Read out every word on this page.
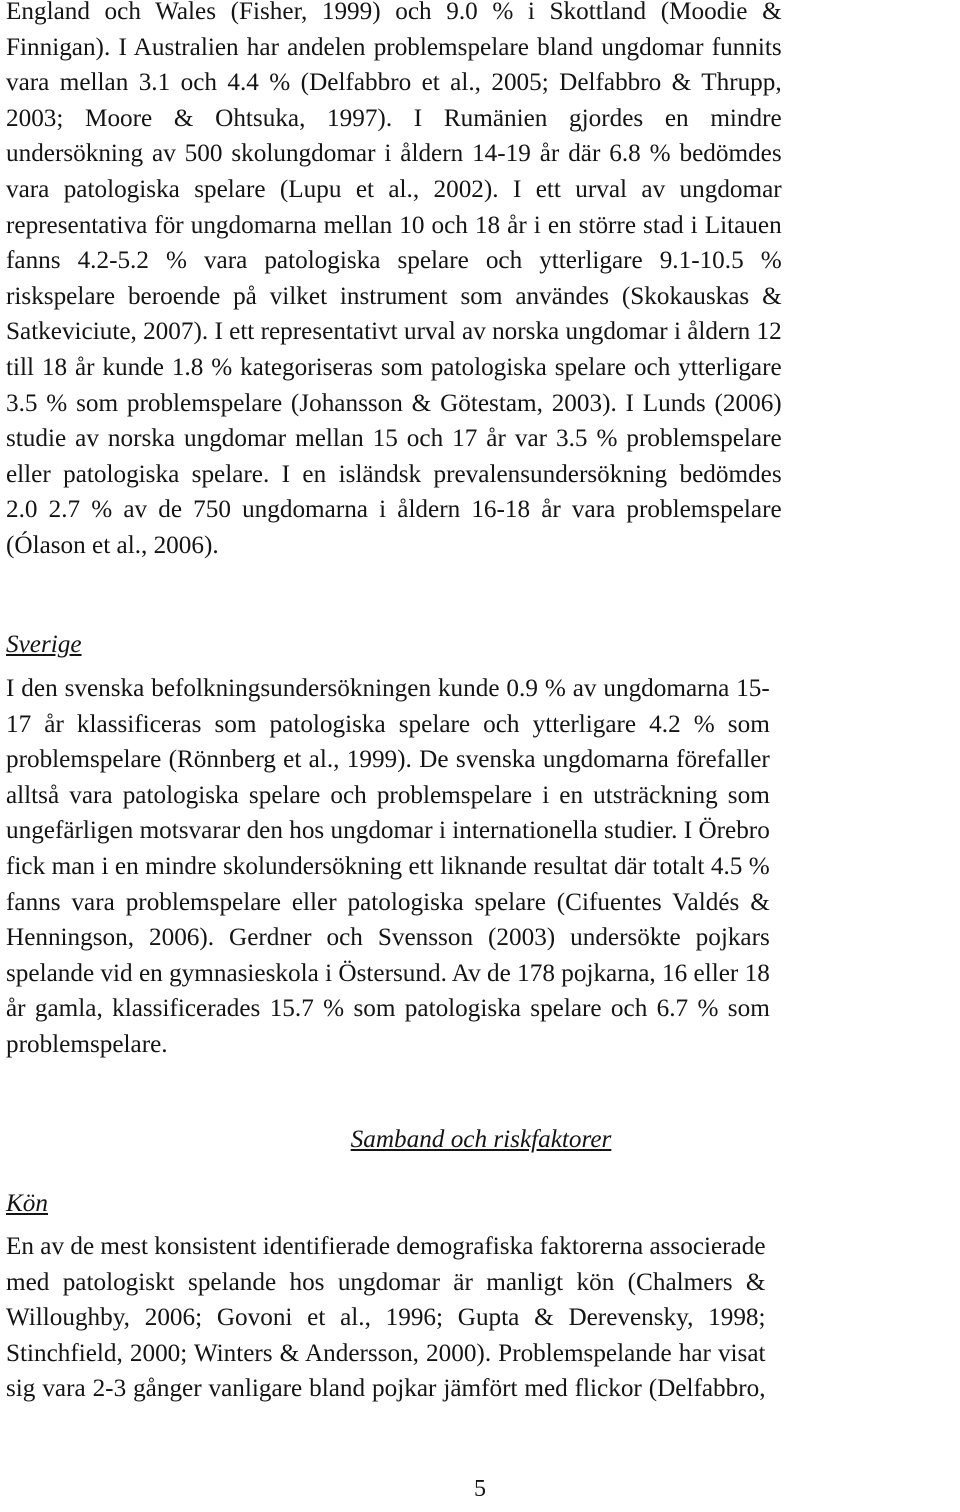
England och Wales (Fisher, 1999) och 9.0 % i Skottland (Moodie &
Finnigan). I Australien har andelen problemspelare bland ungdomar funnits
vara mellan 3.1 och 4.4 % (Delfabbro et al., 2005; Delfabbro & Thrupp,
2003; Moore & Ohtsuka, 1997). I Rumänien gjordes en mindre
undersökning av 500 skolungdomar i åldern 14-19 år där 6.8 % bedömdes
vara patologiska spelare (Lupu et al., 2002). I ett urval av ungdomar
representativa för ungdomarna mellan 10 och 18 år i en större stad i Litauen
fanns 4.2-5.2 % vara patologiska spelare och ytterligare 9.1-10.5 %
riskspelare beroende på vilket instrument som användes (Skokauskas &
Satkeviciute, 2007). I ett representativt urval av norska ungdomar i åldern 12
till 18 år kunde 1.8 % kategoriseras som patologiska spelare och ytterligare
3.5 % som problemspelare (Johansson & Götestam, 2003). I Lunds (2006)
studie av norska ungdomar mellan 15 och 17 år var 3.5 % problemspelare
eller patologiska spelare. I en isländsk prevalensundersökning bedömdes
2.0 2.7 % av de 750 ungdomarna i åldern 16-18 år vara problemspelare
(Ólason et al., 2006).

Sverige

I den svenska befolkningsundersökningen kunde 0.9 % av ungdomarna 15-
17 år klassificeras som patologiska spelare och ytterligare 4.2 % som
problemspelare (Rönnberg et al., 1999). De svenska ungdomarna förefaller
alltså vara patologiska spelare och problemspelare i en utsträckning som
ungefärligen motsvarar den hos ungdomar i internationella studier. I Örebro
fick man i en mindre skolundersökning ett liknande resultat där totalt 4.5 %
fanns vara problemspelare eller patologiska spelare (Cifuentes Valdés &
Henningson, 2006). Gerdner och Svensson (2003) undersökte pojkars
spelande vid en gymnasieskola i Östersund. Av de 178 pojkarna, 16 eller 18
år gamla, klassificerades 15.7 % som patologiska spelare och 6.7 % som
problemspelare.

Samband och riskfaktorer

Kön

En av de mest konsistent identifierade demografiska faktorerna associerade
med patologiskt spelande hos ungdomar är manligt kön (Chalmers &
Willoughby, 2006; Govoni et al., 1996; Gupta & Derevensky, 1998;
Stinchfield, 2000; Winters & Andersson, 2000). Problemspelande har visat
sig vara 2-3 gånger vanligare bland pojkar jämfört med flickor (Delfabbro,
5
